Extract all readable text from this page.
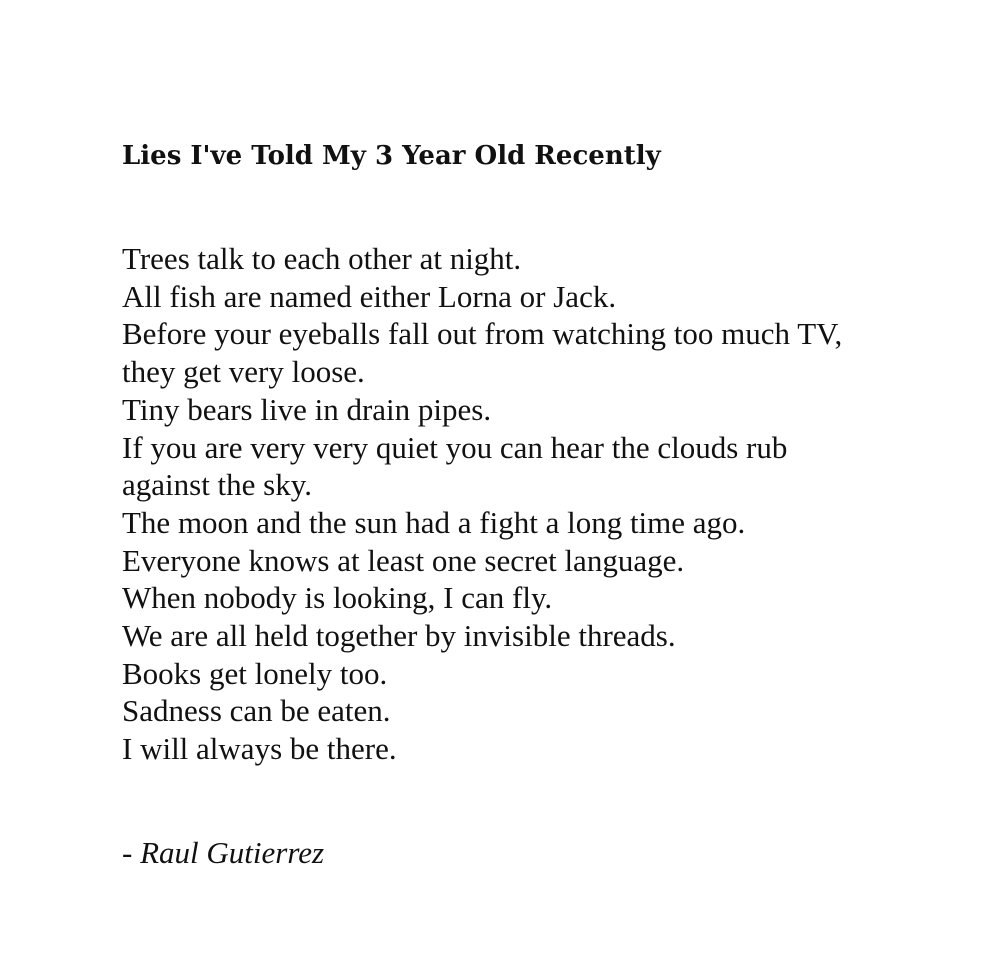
Lies I've Told My 3 Year Old Recently
Trees talk to each other at night.
All fish are named either Lorna or Jack.
Before your eyeballs fall out from watching too much TV,
they get very loose.
Tiny bears live in drain pipes.
If you are very very quiet you can hear the clouds rub
against the sky.
The moon and the sun had a fight a long time ago.
Everyone knows at least one secret language.
When nobody is looking, I can fly.
We are all held together by invisible threads.
Books get lonely too.
Sadness can be eaten.
I will always be there.

- Raul Gutierrez
